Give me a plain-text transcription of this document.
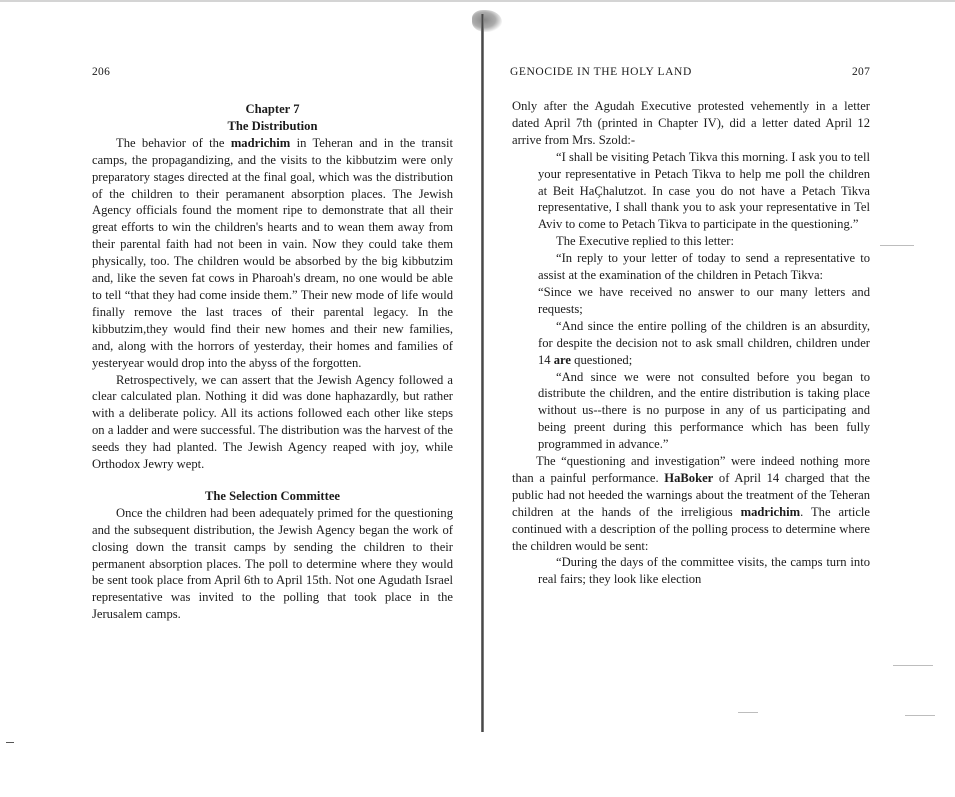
206

Chapter 7

The Distribution

The behavior of the madrichim in Teheran and in the transit camps, the propagandizing, and the visits to the kibbutzim were only preparatory stages directed at the final goal, which was the distribution of the children to their peramanent absorption places. The Jewish Agency officials found the moment ripe to demonstrate that all their great efforts to win the children's hearts and to wean them away from their parental faith had not been in vain. Now they could take them physically, too. The children would be absorbed by the big kibbutzim and, like the seven fat cows in Pharoah's dream, no one would be able to tell “that they had come inside them.” Their new mode of life would finally remove the last traces of their parental legacy. In the kibbutzim,they would find their new homes and their new families, and, along with the horrors of yesterday, their homes and families of yesteryear would drop into the abyss of the forgotten.

Retrospectively, we can assert that the Jewish Agency followed a clear calculated plan. Nothing it did was done haphazardly, but rather with a deliberate policy. All its actions followed each other like steps on a ladder and were successful. The distribution was the harvest of the seeds they had planted. The Jewish Agency reaped with joy, while Orthodox Jewry wept.

The Selection Committee

Once the children had been adequately primed for the questioning and the subsequent distribution, the Jewish Agency began the work of closing down the transit camps by sending the children to their permanent absorption places. The poll to determine where they would be sent took place from April 6th to April 15th. Not one Agudath Israel representative was invited to the polling that took place in the Jerusalem camps.

GENOCIDE IN THE HOLY LAND	207

Only after the Agudah Executive protested vehemently in a letter dated April 7th (printed in Chapter IV), did a letter dated April 12 arrive from Mrs. Szold:-

“I shall be visiting Petach Tikva this morning. I ask you to tell your representative in Petach Tikva to help me poll the children at Beit HaÇhalutzot. In case you do not have a Petach Tikva representative, I shall thank you to ask your representative in Tel Aviv to come to Petach Tikva to participate in the questioning.”

The Executive replied to this letter:

“In reply to your letter of today to send a representative to assist at the examination of the children in Petach Tikva:

“Since we have received no answer to our many letters and requests;

“And since the entire polling of the children is an absurdity, for despite the decision not to ask small children, children under 14 are questioned;

“And since we were not consulted before you began to distribute the children, and the entire distribution is taking place without us--there is no purpose in any of us participating and being preent during this performance which has been fully programmed in advance.”

The “questioning and investigation” were indeed nothing more than a painful performance. HaBoker of April 14 charged that the public had not heeded the warnings about the treatment of the Teheran children at the hands of the irreligious madrichim. The article continued with a description of the polling process to determine where the children would be sent:

“During the days of the committee visits, the camps turn into real fairs; they look like election
